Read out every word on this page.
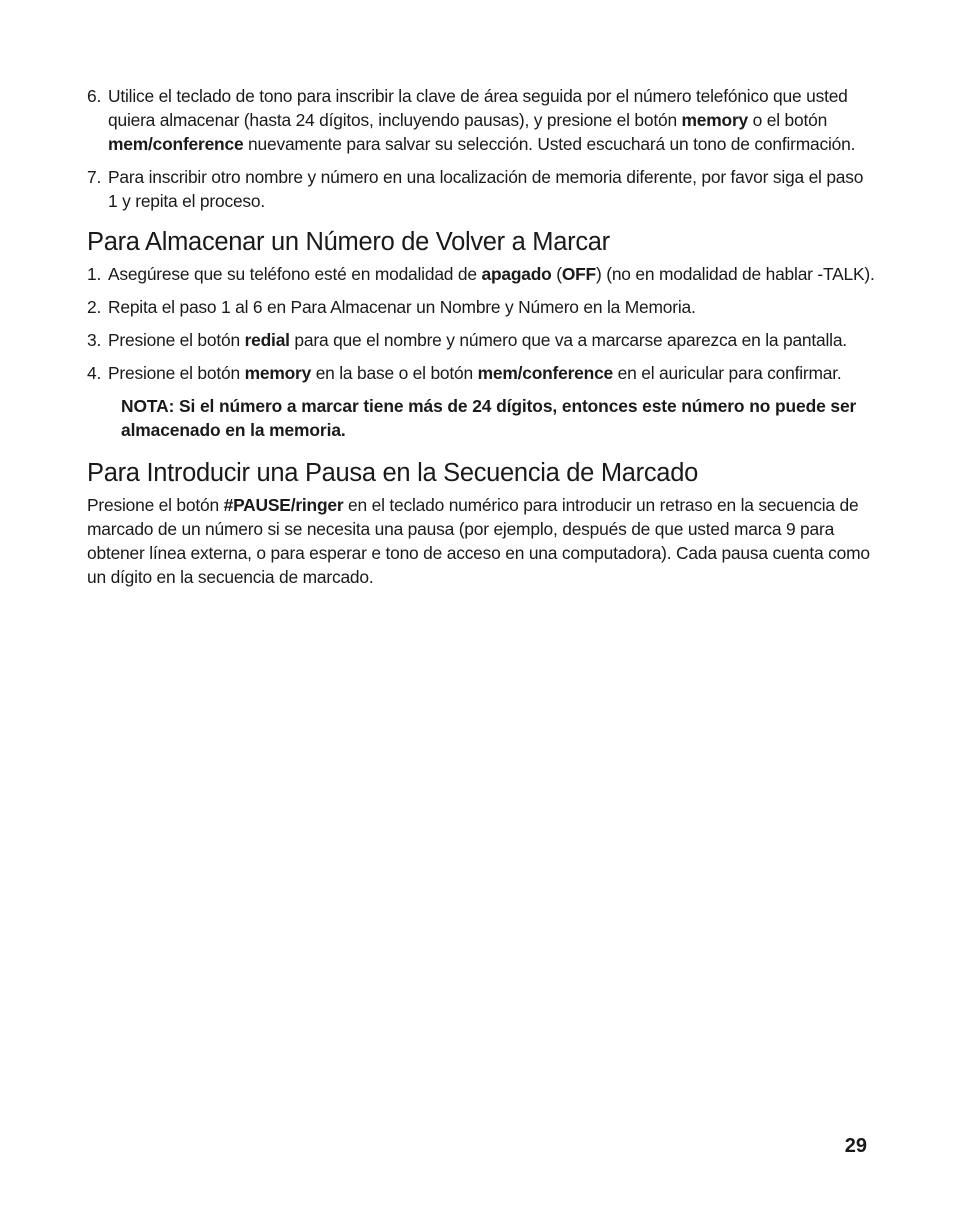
6. Utilice el teclado de tono para inscribir la clave de área seguida por el número telefónico que usted quiera almacenar (hasta 24 dígitos, incluyendo pausas), y presione el botón memory o el botón mem/conference nuevamente para salvar su selección. Usted escuchará un tono de confirmación.
7. Para inscribir otro nombre y número en una localización de memoria diferente, por favor siga el paso 1 y repita el proceso.
Para Almacenar un Número de Volver a Marcar
1. Asegúrese que su teléfono esté en modalidad de apagado (OFF) (no en modalidad de hablar -TALK).
2. Repita el paso 1 al 6 en Para Almacenar un Nombre y Número en la Memoria.
3. Presione el botón redial para que el nombre y número que va a marcarse aparezca en la pantalla.
4. Presione el botón memory en la base o el botón mem/conference en el auricular para confirmar.
NOTA: Si el número a marcar tiene más de 24 dígitos, entonces este número no puede ser almacenado en la memoria.
Para Introducir una Pausa en la Secuencia de Marcado

Presione el botón #PAUSE/ringer en el teclado numérico para introducir un retraso en la secuencia de marcado de un número si se necesita una pausa (por ejemplo, después de que usted marca 9 para obtener línea externa, o para esperar e tono de acceso en una computadora). Cada pausa cuenta como un dígito en la secuencia de marcado.

29
